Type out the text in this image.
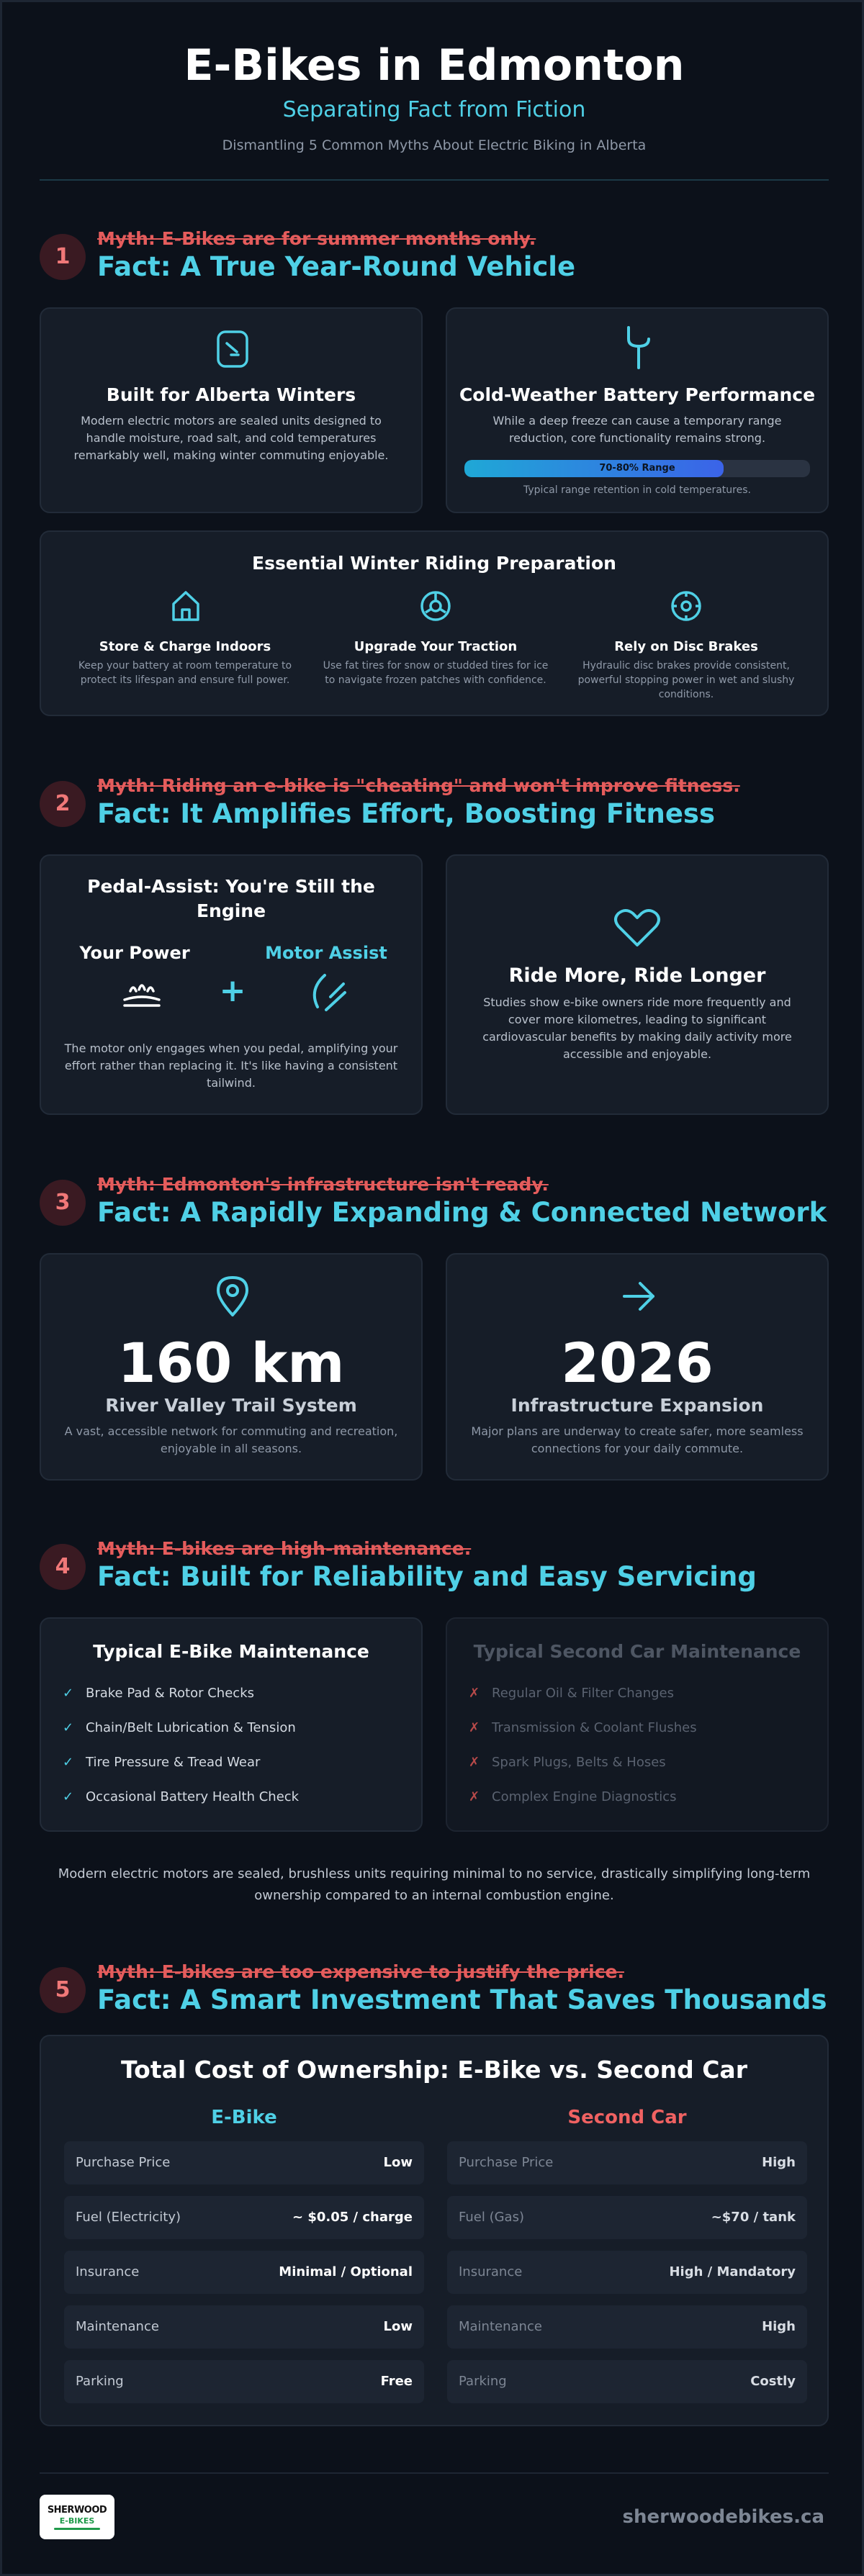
E-Bikes in Edmonton
Separating Fact from Fiction
Dismantling 5 Common Myths About Electric Biking in Alberta
1
Myth: E-Bikes are for summer months only.
Fact: A True Year-Round Vehicle
Built for Alberta Winters
Modern electric motors are sealed units designed to handle moisture, road salt, and cold temperatures remarkably well, making winter commuting enjoyable.
Cold-Weather Battery Performance
While a deep freeze can cause a temporary range reduction, core functionality remains strong.
70-80% Range
Typical range retention in cold temperatures.
Essential Winter Riding Preparation
Store & Charge Indoors
Keep your battery at room temperature to protect its lifespan and ensure full power.
Upgrade Your Traction
Use fat tires for snow or studded tires for ice to navigate frozen patches with confidence.
Rely on Disc Brakes
Hydraulic disc brakes provide consistent, powerful stopping power in wet and slushy conditions.
2
Myth: Riding an e-bike is "cheating" and won't improve fitness.
Fact: It Amplifies Effort, Boosting Fitness
Pedal-Assist: You're Still the Engine
Your Power	Motor Assist
+
The motor only engages when you pedal, amplifying your effort rather than replacing it. It's like having a consistent tailwind.
Ride More, Ride Longer
Studies show e-bike owners ride more frequently and cover more kilometres, leading to significant cardiovascular benefits by making daily activity more accessible and enjoyable.
3
Myth: Edmonton's infrastructure isn't ready.
Fact: A Rapidly Expanding & Connected Network
160 km
River Valley Trail System
A vast, accessible network for commuting and recreation, enjoyable in all seasons.
2026
Infrastructure Expansion
Major plans are underway to create safer, more seamless connections for your daily commute.
4
Myth: E-bikes are high-maintenance.
Fact: Built for Reliability and Easy Servicing
Typical E-Bike Maintenance
✓ Brake Pad & Rotor Checks
✓ Chain/Belt Lubrication & Tension
✓ Tire Pressure & Tread Wear
✓ Occasional Battery Health Check
Typical Second Car Maintenance
✗ Regular Oil & Filter Changes
✗ Transmission & Coolant Flushes
✗ Spark Plugs, Belts & Hoses
✗ Complex Engine Diagnostics
Modern electric motors are sealed, brushless units requiring minimal to no service, drastically simplifying long-term ownership compared to an internal combustion engine.
5
Myth: E-bikes are too expensive to justify the price.
Fact: A Smart Investment That Saves Thousands
Total Cost of Ownership: E-Bike vs. Second Car
E-Bike	Second Car
Purchase Price	Low
Fuel (Electricity)	~ $0.05 / charge
Insurance	Minimal / Optional
Maintenance	Low
Parking	Free
Purchase Price	High
Fuel (Gas)	~$70 / tank
Insurance	High / Mandatory
Maintenance	High
Parking	Costly
SHERWOOD
E-BIKES	sherwoodebikes.ca
